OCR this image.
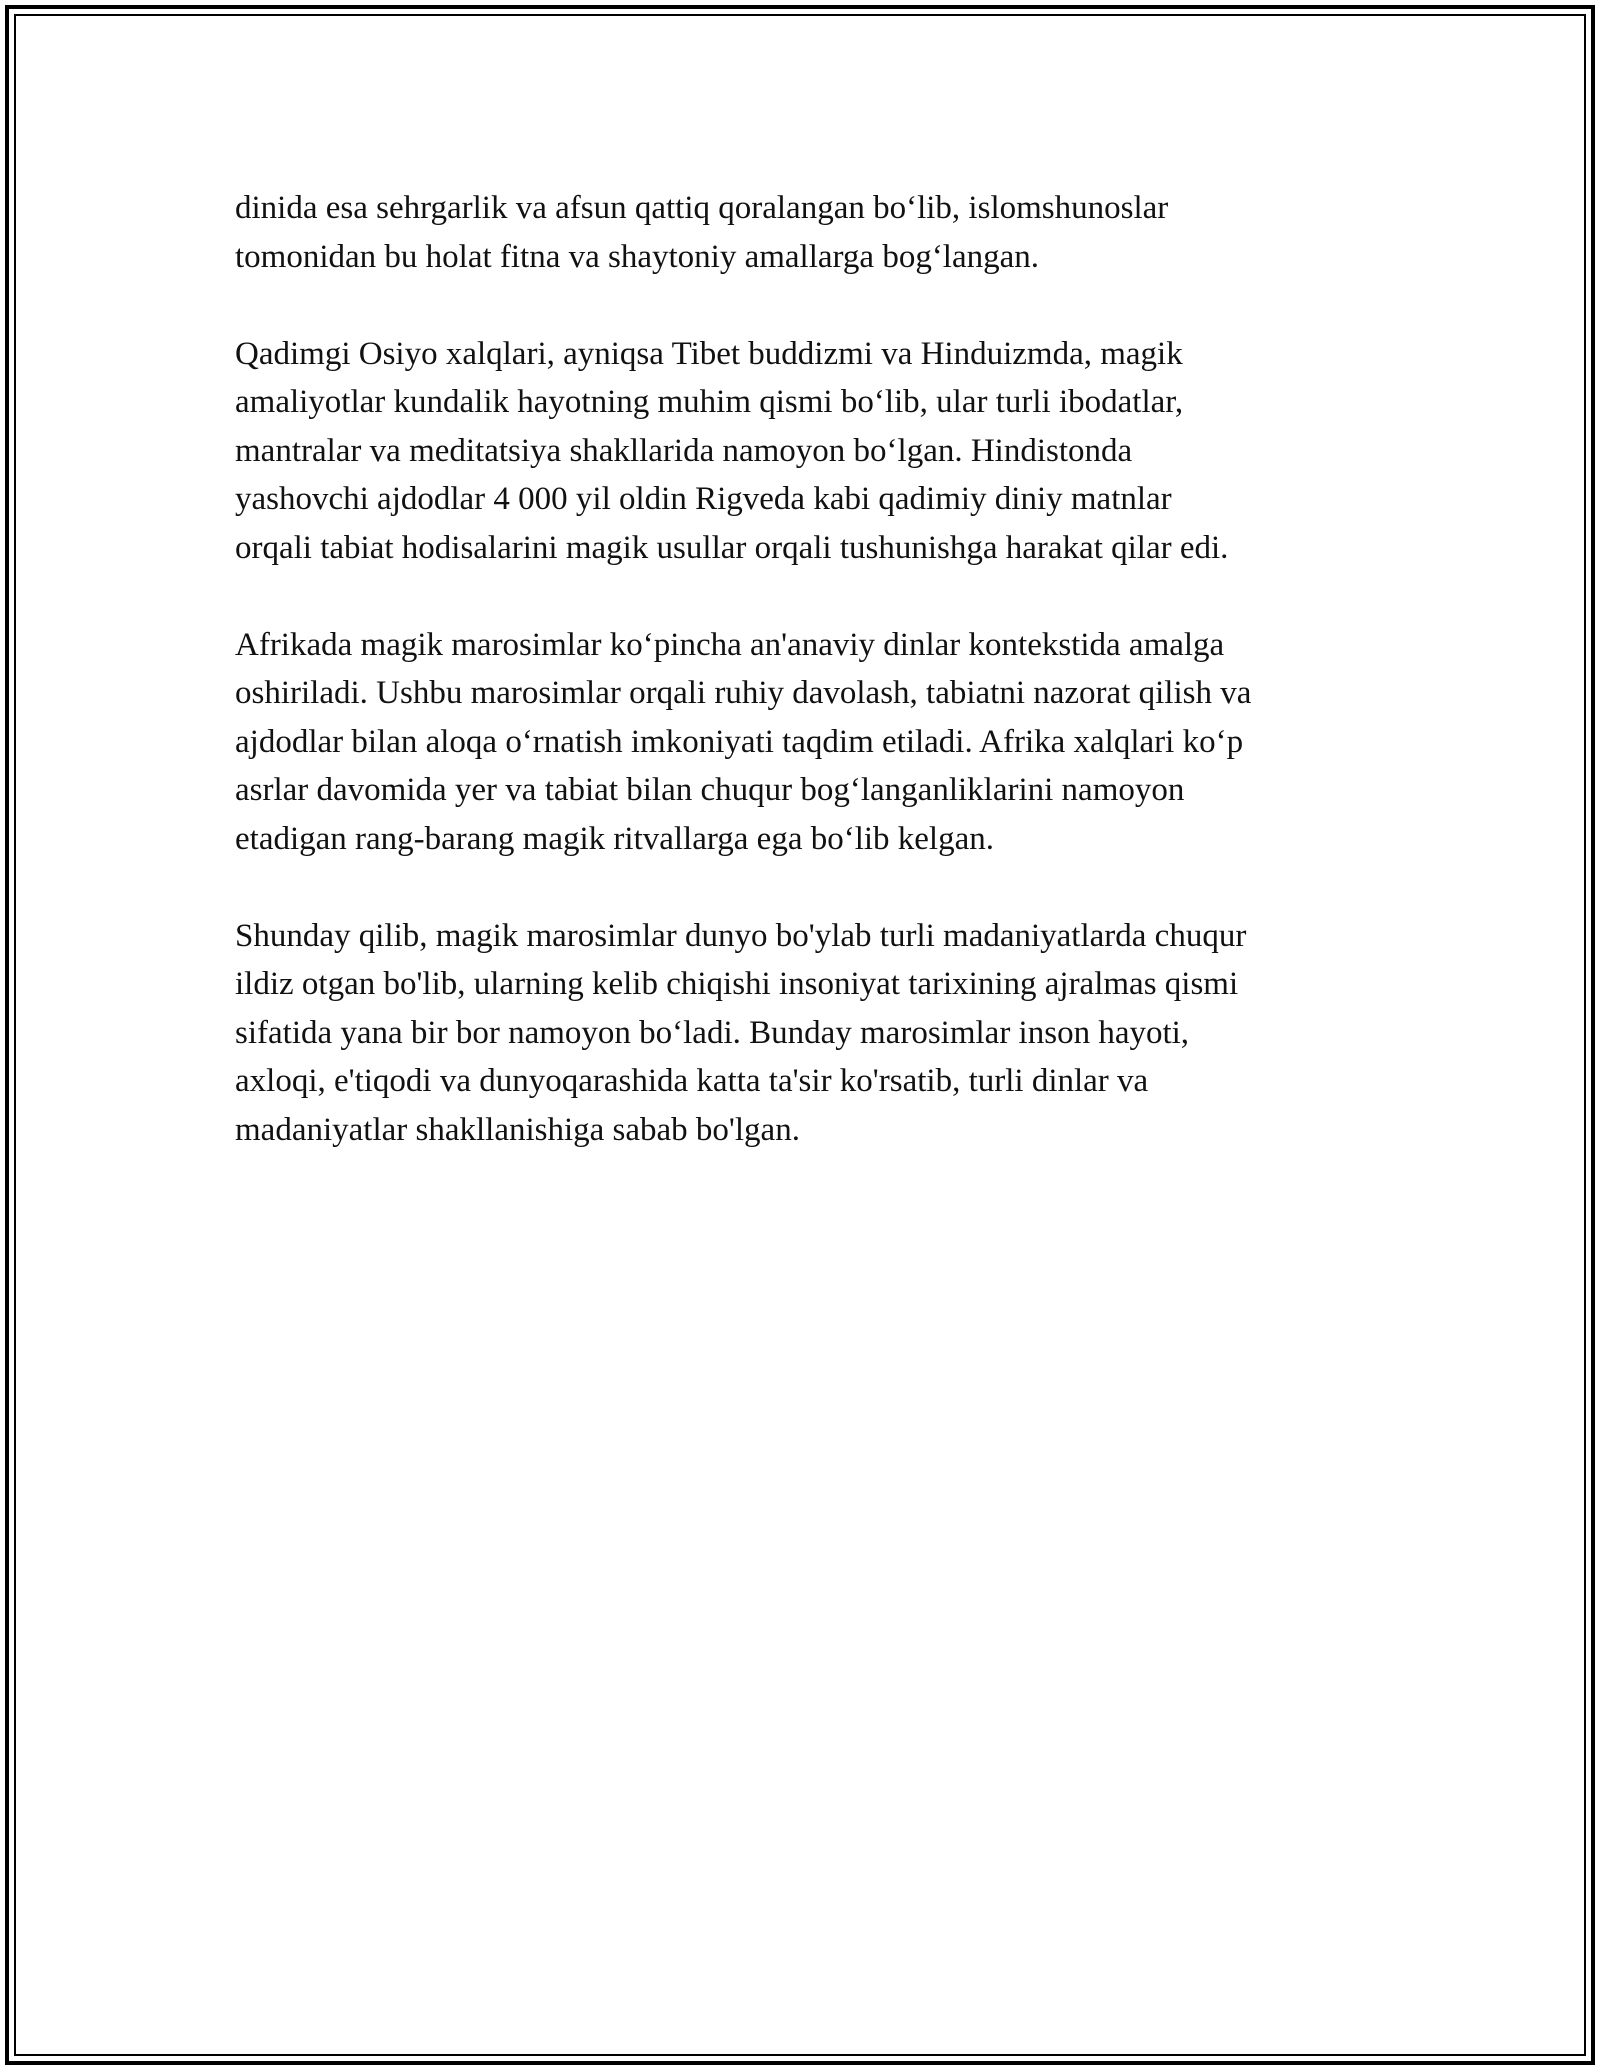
dinida esa sehrgarlik va afsun qattiq qoralangan bo‘lib, islomshunoslar
tomonidan bu holat fitna va shaytoniy amallarga bog‘langan.

Qadimgi Osiyo xalqlari, ayniqsa Tibet buddizmi va Hinduizmda, magik
amaliyotlar kundalik hayotning muhim qismi bo‘lib, ular turli ibodatlar,
mantralar va meditatsiya shakllarida namoyon bo‘lgan. Hindistonda
yashovchi ajdodlar 4 000 yil oldin Rigveda kabi qadimiy diniy matnlar
orqali tabiat hodisalarini magik usullar orqali tushunishga harakat qilar edi.

Afrikada magik marosimlar ko‘pincha an'anaviy dinlar kontekstida amalga
oshiriladi. Ushbu marosimlar orqali ruhiy davolash, tabiatni nazorat qilish va
ajdodlar bilan aloqa o‘rnatish imkoniyati taqdim etiladi. Afrika xalqlari ko‘p
asrlar davomida yer va tabiat bilan chuqur bog‘langanliklarini namoyon
etadigan rang-barang magik ritvallarga ega bo‘lib kelgan.

Shunday qilib, magik marosimlar dunyo bo'ylab turli madaniyatlarda chuqur
ildiz otgan bo'lib, ularning kelib chiqishi insoniyat tarixining ajralmas qismi
sifatida yana bir bor namoyon bo‘ladi. Bunday marosimlar inson hayoti,
axloqi, e'tiqodi va dunyoqarashida katta ta'sir ko'rsatib, turli dinlar va
madaniyatlar shakllanishiga sabab bo'lgan.
